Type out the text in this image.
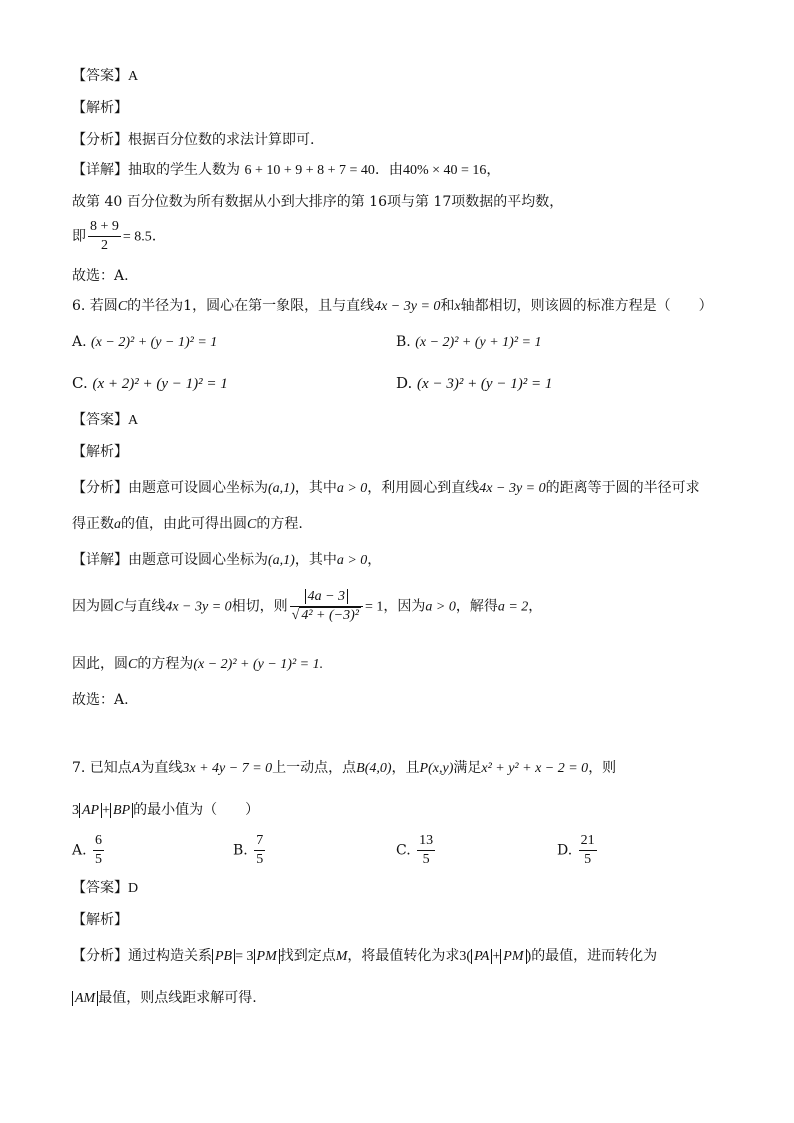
【答案】A
【解析】
【分析】根据百分位数的求法计算即可.
【详解】抽取的学生人数为 6 + 10 + 9 + 8 + 7 = 40．由40% × 40 = 16，
故第 40 百分位数为所有数据从小到大排序的第 16项与第 17项数据的平均数，
即 $\frac{8 + 9}{2} = 8.5$．
故选：A.
6. 若圆C的半径为1，圆心在第一象限，且与直线4x − 3y = 0和x轴都相切，则该圆的标准方程是（　　）
A. (x − 2)² + (y − 1)² = 1	B. (x − 2)² + (y + 1)² = 1
C. (x + 2)² + (y − 1)² = 1	D. (x − 3)² + (y − 1)² = 1
【答案】A
【解析】
【分析】由题意可设圆心坐标为(a,1)，其中a > 0，利用圆心到直线4x − 3y = 0的距离等于圆的半径可求
得正数a的值，由此可得出圆C的方程.
【详解】由题意可设圆心坐标为(a,1)，其中a > 0，
因为圆C与直线4x − 3y = 0相切，则 $\frac{4a - 3}{\text{√ 4² + (−3)²}} = 1$，因为a > 0，解得a = 2，
因此，圆C的方程为(x − 2)² + (y − 1)² = 1.
故选：A.
7. 已知点A为直线3x + 4y − 7 = 0上一动点，点B(4,0)，且P(x,y)满足x² + y² + x − 2 = 0，则
3 AP + BP 的最小值为（　　）
A. $\frac{6}{5}$	B. $\frac{7}{5}$	C. $\frac{13}{5}$	D. $\frac{21}{5}$
【答案】D
【解析】
【分析】通过构造关系 PB = 3 PM 找到定点M，将最值转化为求3( PA + PM )的最值，进而转化为
AM 最值，则点线距求解可得.
